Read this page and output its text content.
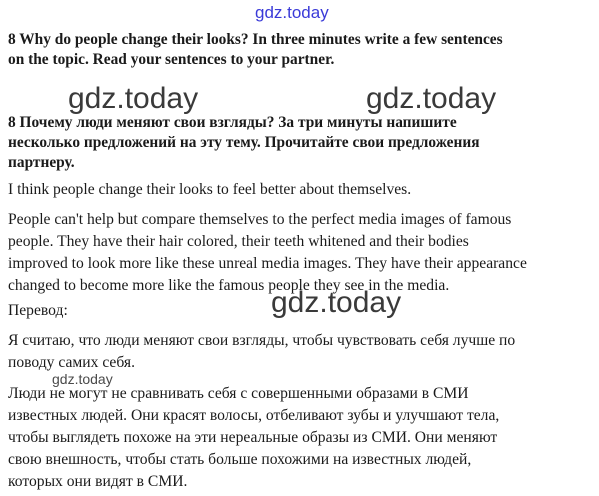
gdz.today

8 Why do people change their looks? In three minutes write a few sentences
on the topic. Read your sentences to your partner.

gdz.today	gdz.today

8 Почему люди меняют свои взгляды? За три минуты напишите
несколько предложений на эту тему. Прочитайте свои предложения
партнеру.

I think people change their looks to feel better about themselves.

People can't help but compare themselves to the perfect media images of famous
people. They have their hair colored, their teeth whitened and their bodies
improved to look more like these unreal media images. They have their appearance
changed to become more like the famous people they see in the media.

gdz.today

Перевод:

Я считаю, что люди меняют свои взгляды, чтобы чувствовать себя лучше по
поводу самих себя.

gdz.today

Люди не могут не сравнивать себя с совершенными образами в СМИ
известных людей. Они красят волосы, отбеливают зубы и улучшают тела,
чтобы выглядеть похоже на эти нереальные образы из СМИ. Они меняют
свою внешность, чтобы стать больше похожими на известных людей,
которых они видят в СМИ.
